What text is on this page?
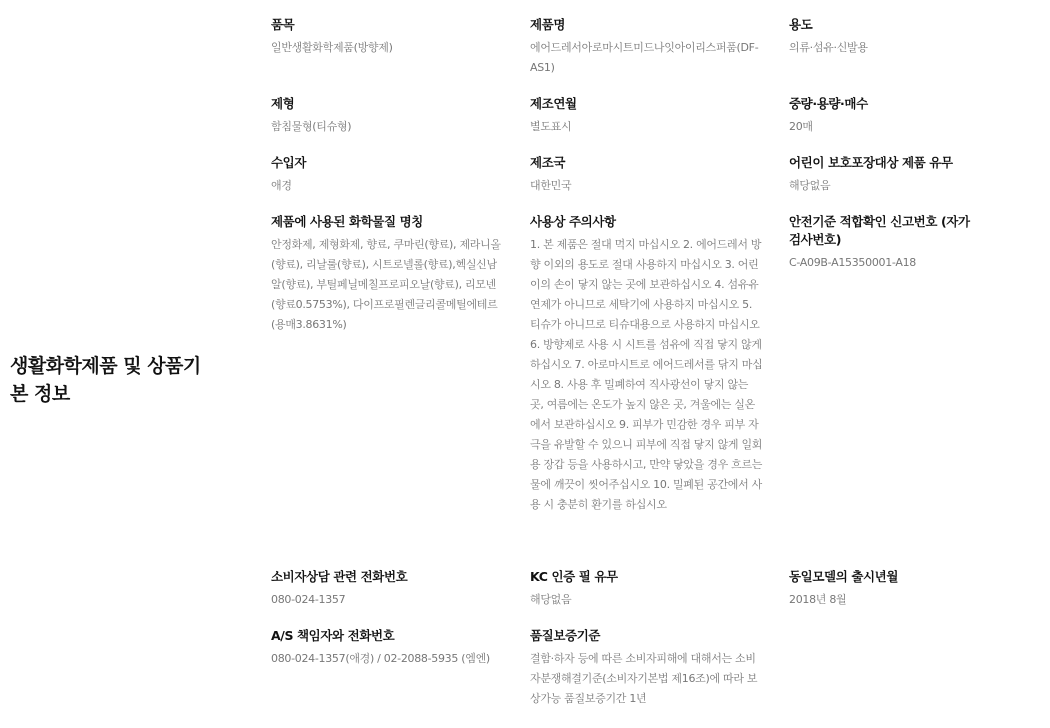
생활화학제품 및 상품기본 정보
품목
일반생활화학제품(방향제)
제품명
에어드레서아로마시트미드나잇아이리스퍼품(DF-AS1)
용도
의류·섬유·신발용
제형
함침물형(티슈형)
제조연월
별도표시
중량·용량·매수
20매
수입자
애경
제조국
대한민국
어린이 보호포장대상 제품 유무
해당없음
제품에 사용된 화학물질 명칭
안정화제, 제형화제, 향료, 쿠마린(향료), 제라니올(향료), 리날룰(향료), 시트로넬롤(향료),헥실신남알(향료), 부틸페닐메칠프로피오날(향료), 리모넨(향료0.5753%), 다이프로필렌글리콜메틸에테르(용매3.8631%)
사용상 주의사항
1. 본 제품은 절대 먹지 마십시오 2. 에어드레서 방향 이외의 용도로 절대 사용하지 마십시오 3. 어린이의 손이 닿지 않는 곳에 보관하십시오 4. 섬유유연제가 아니므로 세탁기에 사용하지 마십시오 5. 티슈가 아니므로 티슈대용으로 사용하지 마십시오 6. 방향제로 사용 시 시트를 섬유에 직접 닿지 않게 하십시오 7. 아로마시트로 에어드레서를 닦지 마십시오 8. 사용 후 밀폐하여 직사광선이 닿지 않는 곳, 여름에는 온도가 높지 않은 곳, 겨울에는 실온에서 보관하십시오 9. 피부가 민감한 경우 피부 자극을 유발할 수 있으니 피부에 직접 닿지 않게 일회용 장갑 등을 사용하시고, 만약 닿았을 경우 흐르는 물에 깨끗이 씻어주십시오 10. 밀폐된 공간에서 사용 시 충분히 환기를 하십시오
안전기준 적합확인 신고번호 (자가검사번호)
C-A09B-A15350001-A18
소비자상담 관련 전화번호
080-024-1357
KC 인증 필 유무
해당없음
동일모델의 출시년월
2018년 8월
A/S 책임자와 전화번호
080-024-1357(애경) / 02-2088-5935 (엠엔)
품질보증기준
결함·하자 등에 따른 소비자피해에 대해서는 소비자분쟁해결기준(소비자기본법 제16조)에 따라 보상가능 품질보증기간 1년
